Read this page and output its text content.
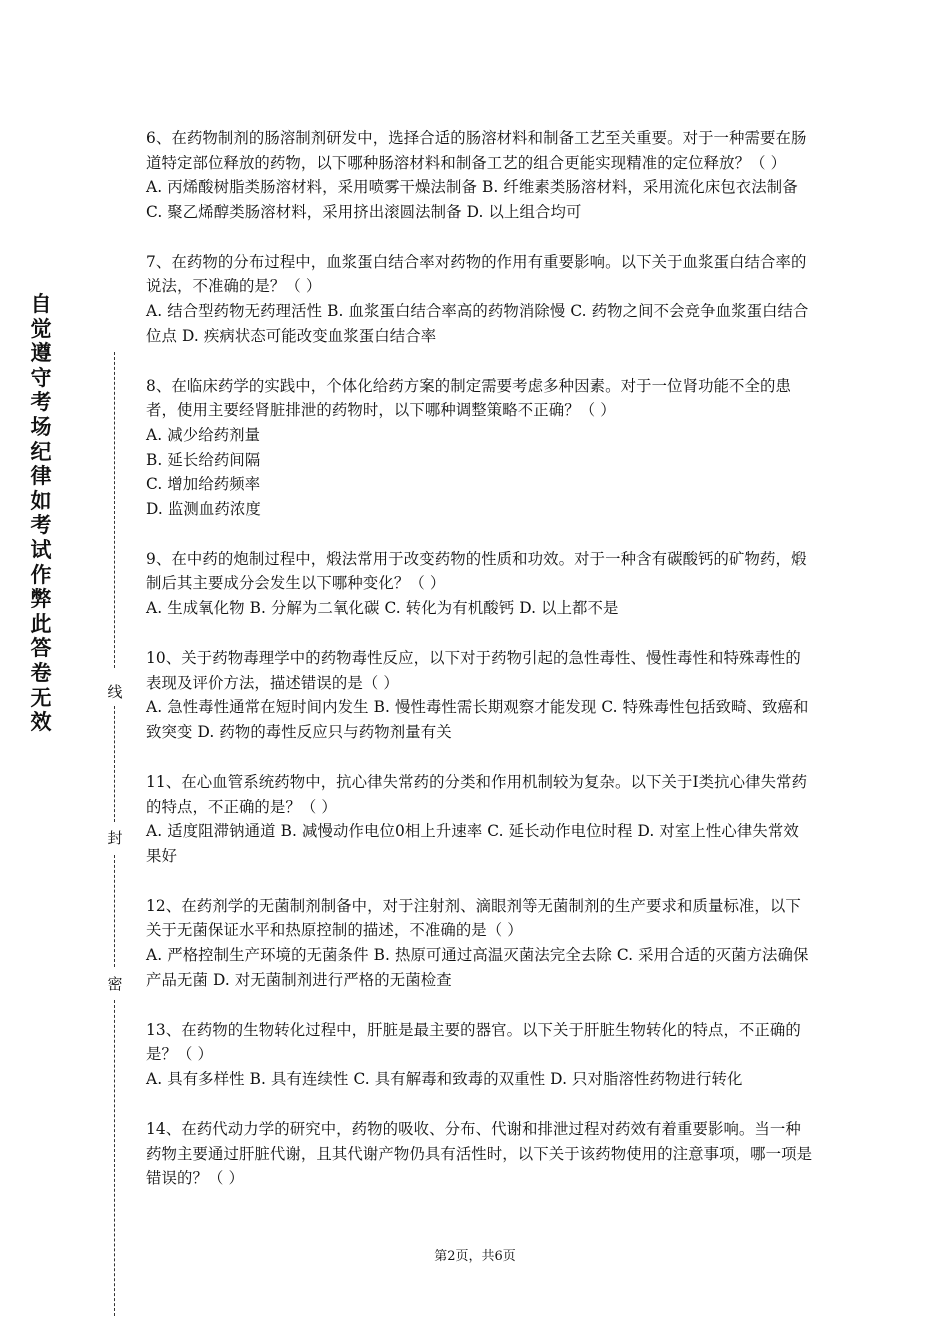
自觉遵守考场纪律如考试作弊此答卷无效
线
封
密

6、在药物制剂的肠溶制剂研发中，选择合适的肠溶材料和制备工艺至关重要。对于一种需要在肠道特定部位释放的药物，以下哪种肠溶材料和制备工艺的组合更能实现精准的定位释放？（ ）

A. 丙烯酸树脂类肠溶材料，采用喷雾干燥法制备 B. 纤维素类肠溶材料，采用流化床包衣法制备 C. 聚乙烯醇类肠溶材料，采用挤出滚圆法制备 D. 以上组合均可

7、在药物的分布过程中，血浆蛋白结合率对药物的作用有重要影响。以下关于血浆蛋白结合率的说法，不准确的是？（ ）

A. 结合型药物无药理活性 B. 血浆蛋白结合率高的药物消除慢 C. 药物之间不会竞争血浆蛋白结合位点 D. 疾病状态可能改变血浆蛋白结合率

8、在临床药学的实践中，个体化给药方案的制定需要考虑多种因素。对于一位肾功能不全的患者，使用主要经肾脏排泄的药物时，以下哪种调整策略不正确？（ ）

A. 减少给药剂量

B. 延长给药间隔

C. 增加给药频率

D. 监测血药浓度

9、在中药的炮制过程中，煅法常用于改变药物的性质和功效。对于一种含有碳酸钙的矿物药，煅制后其主要成分会发生以下哪种变化？（ ）

A. 生成氧化物 B. 分解为二氧化碳 C. 转化为有机酸钙 D. 以上都不是

10、关于药物毒理学中的药物毒性反应，以下对于药物引起的急性毒性、慢性毒性和特殊毒性的表现及评价方法，描述错误的是（ ）

A. 急性毒性通常在短时间内发生 B. 慢性毒性需长期观察才能发现 C. 特殊毒性包括致畸、致癌和致突变 D. 药物的毒性反应只与药物剂量有关

11、在心血管系统药物中，抗心律失常药的分类和作用机制较为复杂。以下关于Ⅰ类抗心律失常药的特点，不正确的是？（ ）

A. 适度阻滞钠通道 B. 减慢动作电位0相上升速率 C. 延长动作电位时程 D. 对室上性心律失常效果好

12、在药剂学的无菌制剂制备中，对于注射剂、滴眼剂等无菌制剂的生产要求和质量标准，以下关于无菌保证水平和热原控制的描述，不准确的是（ ）

A. 严格控制生产环境的无菌条件 B. 热原可通过高温灭菌法完全去除 C. 采用合适的灭菌方法确保产品无菌 D. 对无菌制剂进行严格的无菌检查

13、在药物的生物转化过程中，肝脏是最主要的器官。以下关于肝脏生物转化的特点，不正确的是？（ ）

A. 具有多样性 B. 具有连续性 C. 具有解毒和致毒的双重性 D. 只对脂溶性药物进行转化

14、在药代动力学的研究中，药物的吸收、分布、代谢和排泄过程对药效有着重要影响。当一种药物主要通过肝脏代谢，且其代谢产物仍具有活性时，以下关于该药物使用的注意事项，哪一项是错误的？（ ）

第2页，共6页
